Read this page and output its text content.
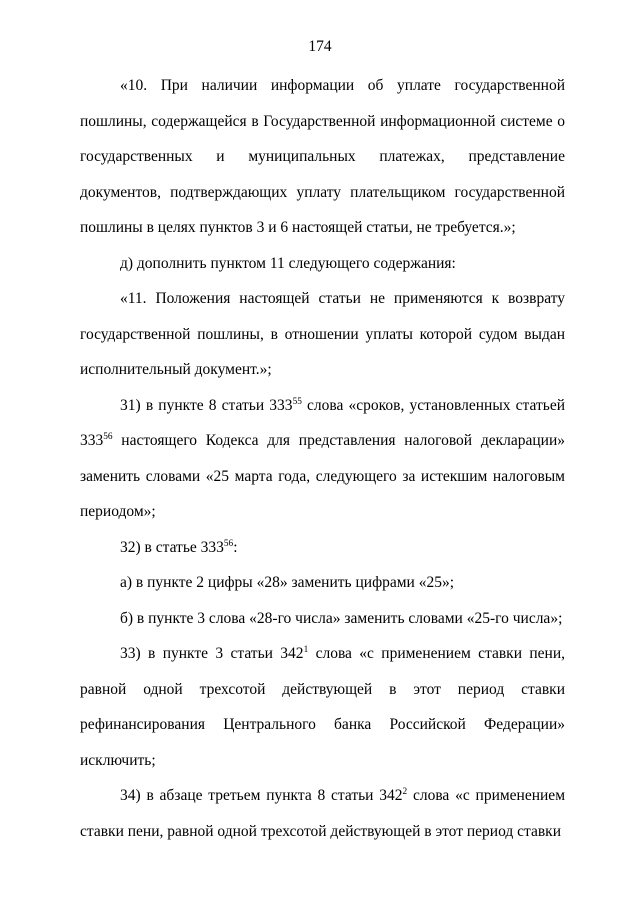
174

«10. При наличии информации об уплате государственной пошлины, содержащейся в Государственной информационной системе о государственных и муниципальных платежах, представление документов, подтверждающих уплату плательщиком государственной пошлины в целях пунктов 3 и 6 настоящей статьи, не требуется.»;

д) дополнить пунктом 11 следующего содержания:

«11. Положения настоящей статьи не применяются к возврату государственной пошлины, в отношении уплаты которой судом выдан исполнительный документ.»;

31) в пункте 8 статьи $333^{55}$ слова «сроков, установленных статьей $333^{56}$ настоящего Кодекса для представления налоговой декларации» заменить словами «25 марта года, следующего за истекшим налоговым периодом»;

32) в статье $333^{56}$:

а) в пункте 2 цифры «28» заменить цифрами «25»;

б) в пункте 3 слова «28-го числа» заменить словами «25-го числа»;

33) в пункте 3 статьи $342^1$ слова «с применением ставки пени, равной одной трехсотой действующей в этот период ставки рефинансирования Центрального банка Российской Федерации» исключить;

34) в абзаце третьем пункта 8 статьи $342^2$ слова «с применением ставки пени, равной одной трехсотой действующей в этот период ставки
